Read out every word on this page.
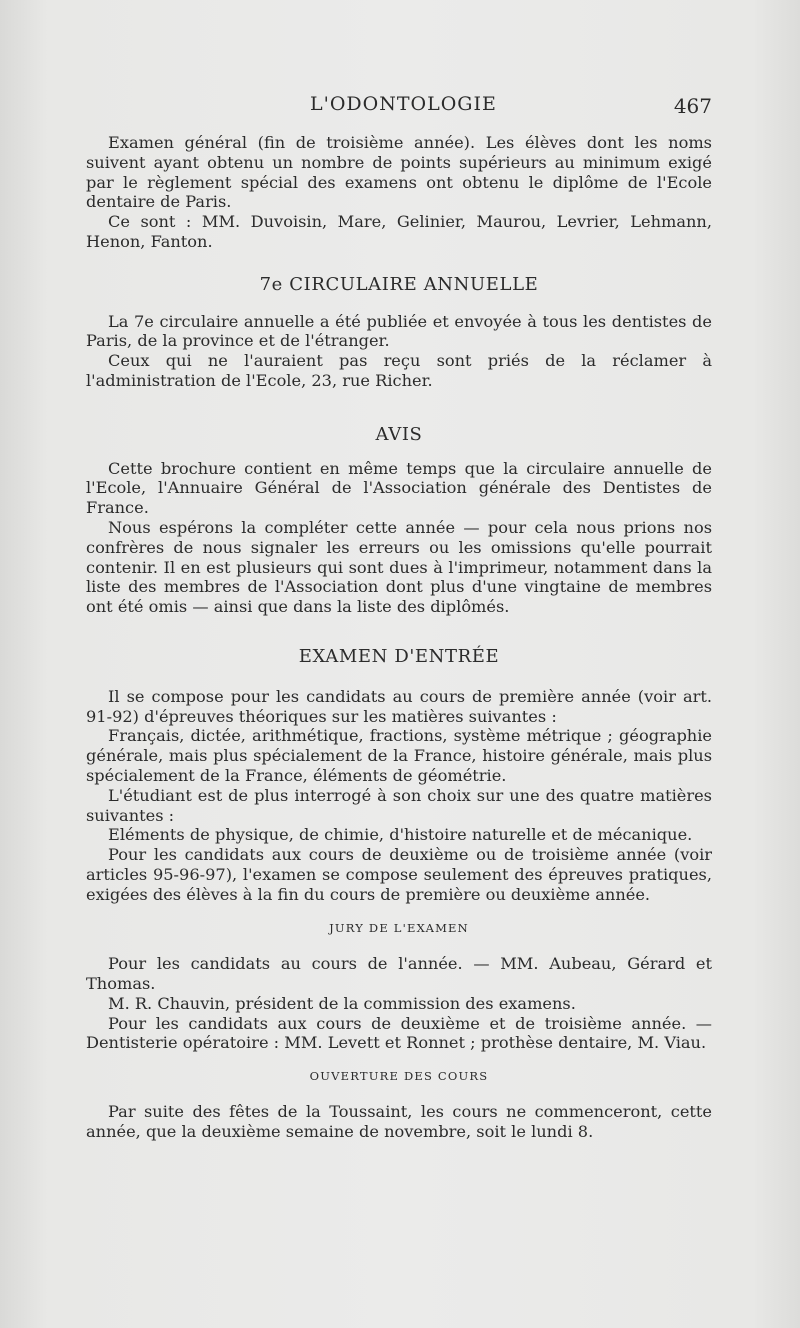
L'ODONTOLOGIE	467

Examen général (fin de troisième année). Les élèves dont les noms suivent ayant obtenu un nombre de points supérieurs au minimum exigé par le règlement spécial des examens ont obtenu le diplôme de l'Ecole dentaire de Paris.

Ce sont : MM. Duvoisin, Mare, Gelinier, Maurou, Levrier, Lehmann, Henon, Fanton.

7e CIRCULAIRE ANNUELLE

La 7e circulaire annuelle a été publiée et envoyée à tous les dentistes de Paris, de la province et de l'étranger.

Ceux qui ne l'auraient pas reçu sont priés de la réclamer à l'administration de l'Ecole, 23, rue Richer.

AVIS

Cette brochure contient en même temps que la circulaire annuelle de l'Ecole, l'Annuaire Général de l'Association générale des Dentistes de France.

Nous espérons la compléter cette année — pour cela nous prions nos confrères de nous signaler les erreurs ou les omissions qu'elle pourrait contenir. Il en est plusieurs qui sont dues à l'imprimeur, notamment dans la liste des membres de l'Association dont plus d'une vingtaine de membres ont été omis — ainsi que dans la liste des diplômés.

EXAMEN D'ENTRÉE

Il se compose pour les candidats au cours de première année (voir art. 91-92) d'épreuves théoriques sur les matières suivantes :

Français, dictée, arithmétique, fractions, système métrique ; géographie générale, mais plus spécialement de la France, histoire générale, mais plus spécialement de la France, éléments de géométrie.

L'étudiant est de plus interrogé à son choix sur une des quatre matières suivantes :

Eléments de physique, de chimie, d'histoire naturelle et de mécanique.

Pour les candidats aux cours de deuxième ou de troisième année (voir articles 95-96-97), l'examen se compose seulement des épreuves pratiques, exigées des élèves à la fin du cours de première ou deuxième année.

JURY DE L'EXAMEN

Pour les candidats au cours de l'année. — MM. Aubeau, Gérard et Thomas.

M. R. Chauvin, président de la commission des examens.

Pour les candidats aux cours de deuxième et de troisième année. — Dentisterie opératoire : MM. Levett et Ronnet ; prothèse dentaire, M. Viau.

OUVERTURE DES COURS

Par suite des fêtes de la Toussaint, les cours ne commenceront, cette année, que la deuxième semaine de novembre, soit le lundi 8.
